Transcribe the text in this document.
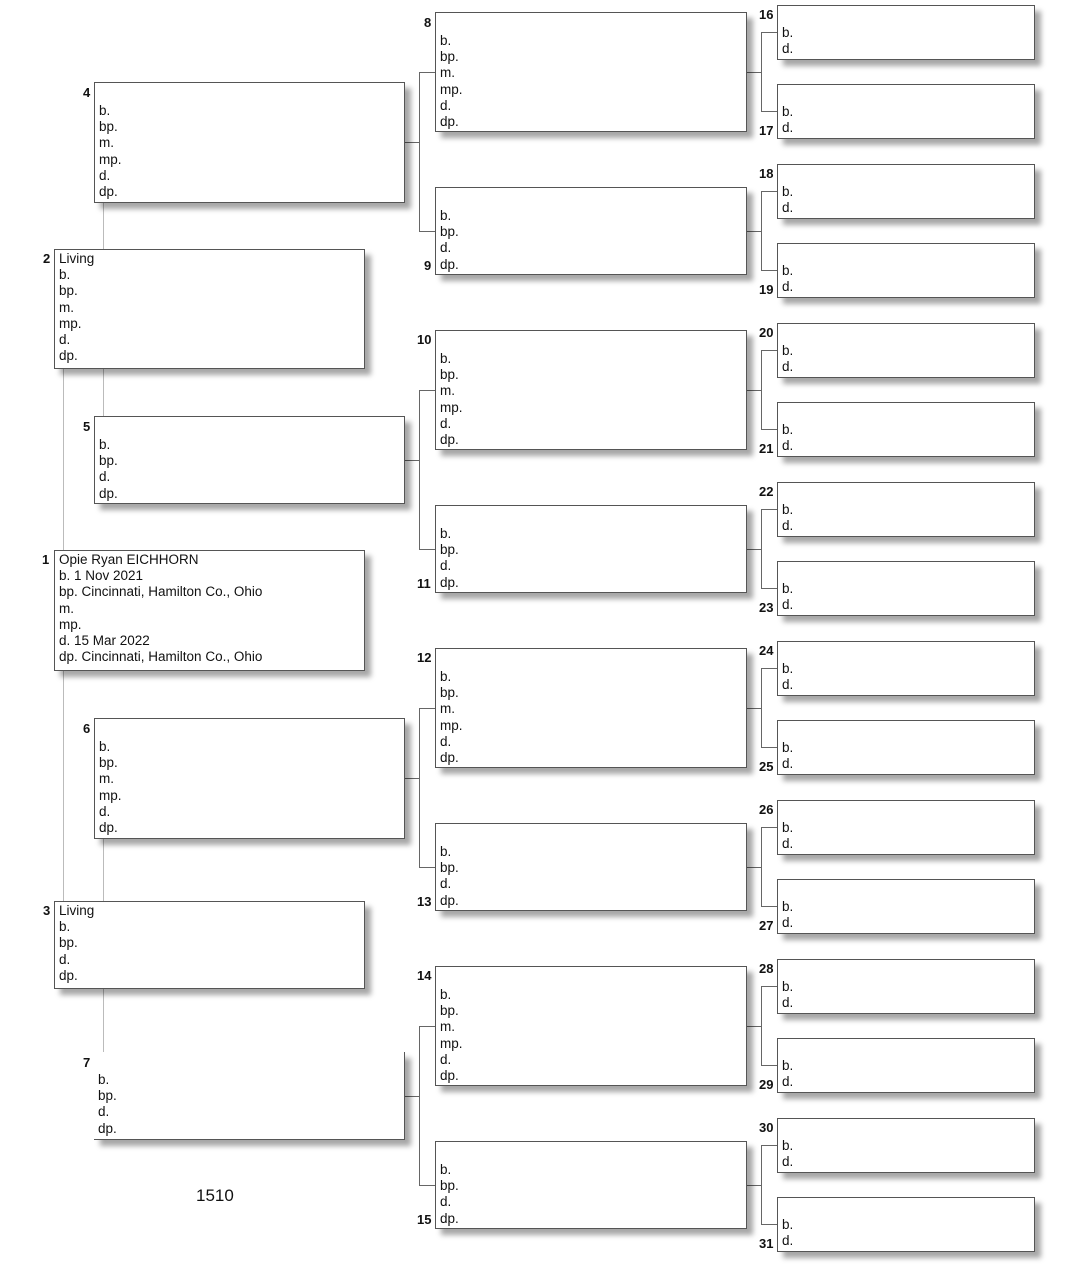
1 Opie Ryan EICHHORN
b. 1 Nov 2021
bp. Cincinnati, Hamilton Co., Ohio
m.
mp.
d. 15 Mar 2022
dp. Cincinnati, Hamilton Co., Ohio
2 Living
b.
bp.
m.
mp.
d.
dp.
3 Living
b.
bp.
d.
dp.
4
b.
bp.
m.
mp.
d.
dp.
5
b.
bp.
d.
dp.
6
b.
bp.
m.
mp.
d.
dp.
7
b.
bp.
d.
dp.
8
b.
bp.
m.
mp.
d.
dp.
9
b.
bp.
d.
dp.
10
b.
bp.
m.
mp.
d.
dp.
11
b.
bp.
d.
dp.
12
b.
bp.
m.
mp.
d.
dp.
13
b.
bp.
d.
dp.
14
b.
bp.
m.
mp.
d.
dp.
15
b.
bp.
d.
dp.
16
b.
d.
17
b.
d.
18
b.
d.
19
b.
d.
20
b.
d.
21
b.
d.
22
b.
d.
23
b.
d.
24
b.
d.
25
b.
d.
26
b.
d.
27
b.
d.
28
b.
d.
29
b.
d.
30
b.
d.
31
b.
d.
1510
